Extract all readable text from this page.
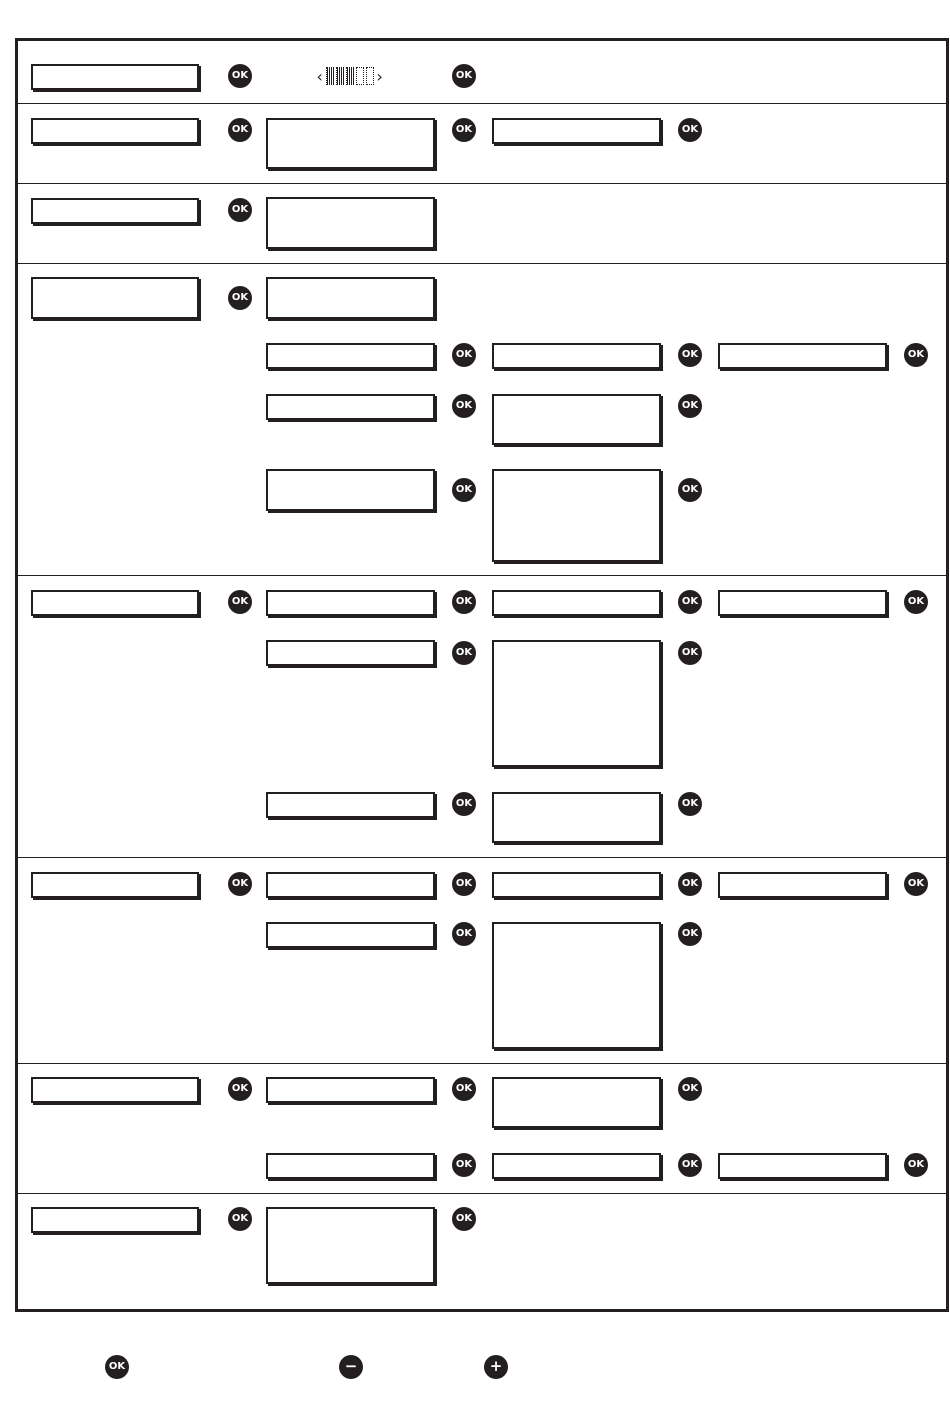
OK	‹	›	OK
OK	OK	OK
OK
OK
OK	OK	OK
OK	OK
OK	OK
OK	OK	OK	OK
OK	OK
OK	OK
OK	OK	OK	OK
OK	OK
OK	OK	OK
OK	OK	OK
OK	OK
OK	−	+
